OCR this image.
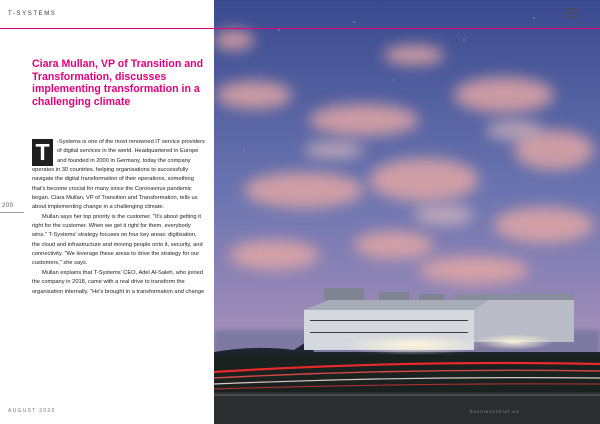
T-SYSTEMS
Ciara Mullan, VP of Transition and Transformation, discusses implementing transformation in a challenging climate
T	-Systems is one of the most renowned IT service providers of digital services in the world. Headquartered in Europe and founded in 2000 in Germany, today the company operates in 30 countries, helping organisations to successfully navigate the digital transformation of their operations, something that's become crucial for many since the Coronavirus pandemic began. Ciara Mullan, VP of Transition and Transformation, tells us about implementing change in a challenging climate.

Mullan says her top priority is the customer. "It's about getting it right for the customer. When we get it right for them, everybody wins." T-Systems' strategy focuses on four key areas: digitisation, the cloud and infrastructure and moving people onto it, security, and connectivity. "We leverage these areas to drive the strategy for our customers," she says.

Mullan explains that T-Systems' CEO, Adel Al-Saleh, who joined the company in 2018, came with a real drive to transform the organisation internally. "He's brought in a transformation and change

200
AUGUST 2020	businesschief.eu
